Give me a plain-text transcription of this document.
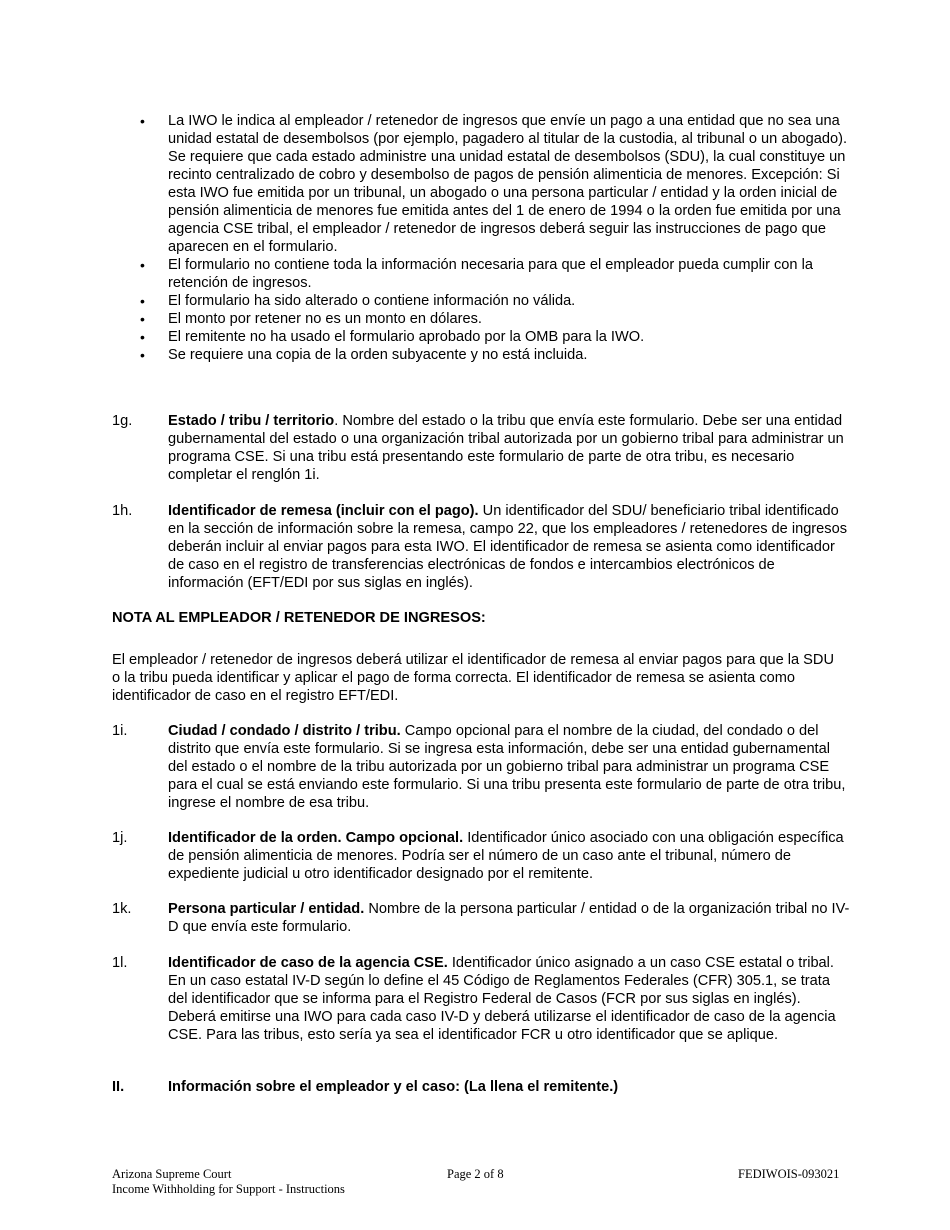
• La IWO le indica al empleador / retenedor de ingresos que envíe un pago a una entidad que no sea una unidad estatal de desembolsos (por ejemplo, pagadero al titular de la custodia, al tribunal o un abogado). Se requiere que cada estado administre una unidad estatal de desembolsos (SDU), la cual constituye un recinto centralizado de cobro y desembolso de pagos de pensión alimenticia de menores. Excepción: Si esta IWO fue emitida por un tribunal, un abogado o una persona particular / entidad y la orden inicial de pensión alimenticia de menores fue emitida antes del 1 de enero de 1994 o la orden fue emitida por una agencia CSE tribal, el empleador / retenedor de ingresos deberá seguir las instrucciones de pago que aparecen en el formulario.
• El formulario no contiene toda la información necesaria para que el empleador pueda cumplir con la retención de ingresos.
• El formulario ha sido alterado o contiene información no válida.
• El monto por retener no es un monto en dólares.
• El remitente no ha usado el formulario aprobado por la OMB para la IWO.
• Se requiere una copia de la orden subyacente y no está incluida.
1g.	Estado / tribu / territorio. Nombre del estado o la tribu que envía este formulario. Debe ser una entidad gubernamental del estado o una organización tribal autorizada por un gobierno tribal para administrar un programa CSE. Si una tribu está presentando este formulario de parte de otra tribu, es necesario completar el renglón 1i.
1h.	Identificador de remesa (incluir con el pago). Un identificador del SDU/ beneficiario tribal identificado en la sección de información sobre la remesa, campo 22, que los empleadores / retenedores de ingresos deberán incluir al enviar pagos para esta IWO. El identificador de remesa se asienta como identificador de caso en el registro de transferencias electrónicas de fondos e intercambios electrónicos de información (EFT/EDI por sus siglas en inglés).
NOTA AL EMPLEADOR / RETENEDOR DE INGRESOS:
El empleador / retenedor de ingresos deberá utilizar el identificador de remesa al enviar pagos para que la SDU o la tribu pueda identificar y aplicar el pago de forma correcta. El identificador de remesa se asienta como identificador de caso en el registro EFT/EDI.
1i.	Ciudad / condado / distrito / tribu. Campo opcional para el nombre de la ciudad, del condado o del distrito que envía este formulario. Si se ingresa esta información, debe ser una entidad gubernamental del estado o el nombre de la tribu autorizada por un gobierno tribal para administrar un programa CSE para el cual se está enviando este formulario. Si una tribu presenta este formulario de parte de otra tribu, ingrese el nombre de esa tribu.
1j.	Identificador de la orden. Campo opcional. Identificador único asociado con una obligación específica de pensión alimenticia de menores. Podría ser el número de un caso ante el tribunal, número de expediente judicial u otro identificador designado por el remitente.
1k.	Persona particular / entidad. Nombre de la persona particular / entidad o de la organización tribal no IV-D que envía este formulario.
1l.	Identificador de caso de la agencia CSE. Identificador único asignado a un caso CSE estatal o tribal. En un caso estatal IV-D según lo define el 45 Código de Reglamentos Federales (CFR) 305.1, se trata del identificador que se informa para el Registro Federal de Casos (FCR por sus siglas en inglés). Deberá emitirse una IWO para cada caso IV-D y deberá utilizarse el identificador de caso de la agencia CSE. Para las tribus, esto sería ya sea el identificador FCR u otro identificador que se aplique.
II.	Información sobre el empleador y el caso: (La llena el remitente.)
Arizona Supreme Court
Income Withholding for Support - Instructions
Page 2 of 8	FEDIWOIS-093021
